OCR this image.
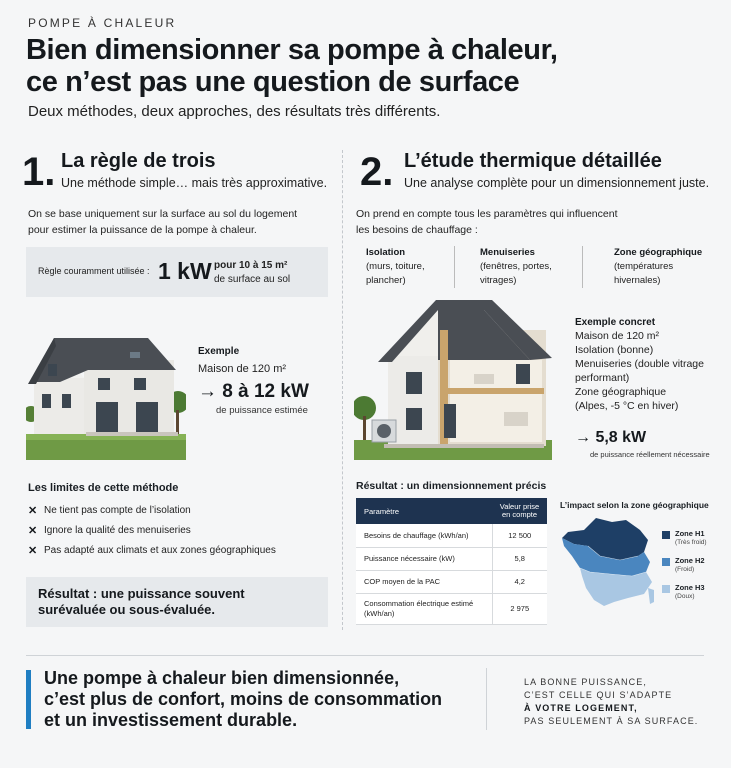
POMPE À CHALEUR
Bien dimensionner sa pompe à chaleur,
ce n’est pas une question de surface
Deux méthodes, deux approches, des résultats très différents.
1. La règle de trois
Une méthode simple… mais très approximative.
On se base uniquement sur la surface au sol du logement
pour estimer la puissance de la pompe à chaleur.
Règle couramment utilisée : 1 kW pour 10 à 15 m²
de surface au sol
Exemple
Maison de 120 m²
→ 8 à 12 kW
de puissance estimée
Les limites de cette méthode
✕ Ne tient pas compte de l’isolation
✕ Ignore la qualité des menuiseries
✕ Pas adapté aux climats et aux zones géographiques
Résultat : une puissance souvent
surévaluée ou sous-évaluée.
2. L’étude thermique détaillée
Une analyse complète pour un dimensionnement juste.
On prend en compte tous les paramètres qui influencent
les besoins de chauffage :
Isolation
(murs, toiture,
plancher)
Menuiseries
(fenêtres, portes,
vitrages)
Zone géographique
(températures
hivernales)
Exemple concret
Maison de 120 m²
Isolation (bonne)
Menuiseries (double vitrage
performant)
Zone géographique
(Alpes, -5 °C en hiver)
→ 5,8 kW
de puissance réellement nécessaire
Résultat : un dimensionnement précis
Paramètre	Valeur prise
en compte
Besoins de chauffage (kWh/an)	12 500
Puissance nécessaire (kW)	5,8
COP moyen de la PAC	4,2
Consommation électrique estimé
(kWh/an)	2 975
L’impact selon la zone géographique
Zone H1
(Très froid)
Zone H2
(Froid)
Zone H3
(Doux)
Une pompe à chaleur bien dimensionnée,
c’est plus de confort, moins de consommation
et un investissement durable.
LA BONNE PUISSANCE,
C’EST CELLE QUI S’ADAPTE
À VOTRE LOGEMENT,
PAS SEULEMENT À SA SURFACE.
